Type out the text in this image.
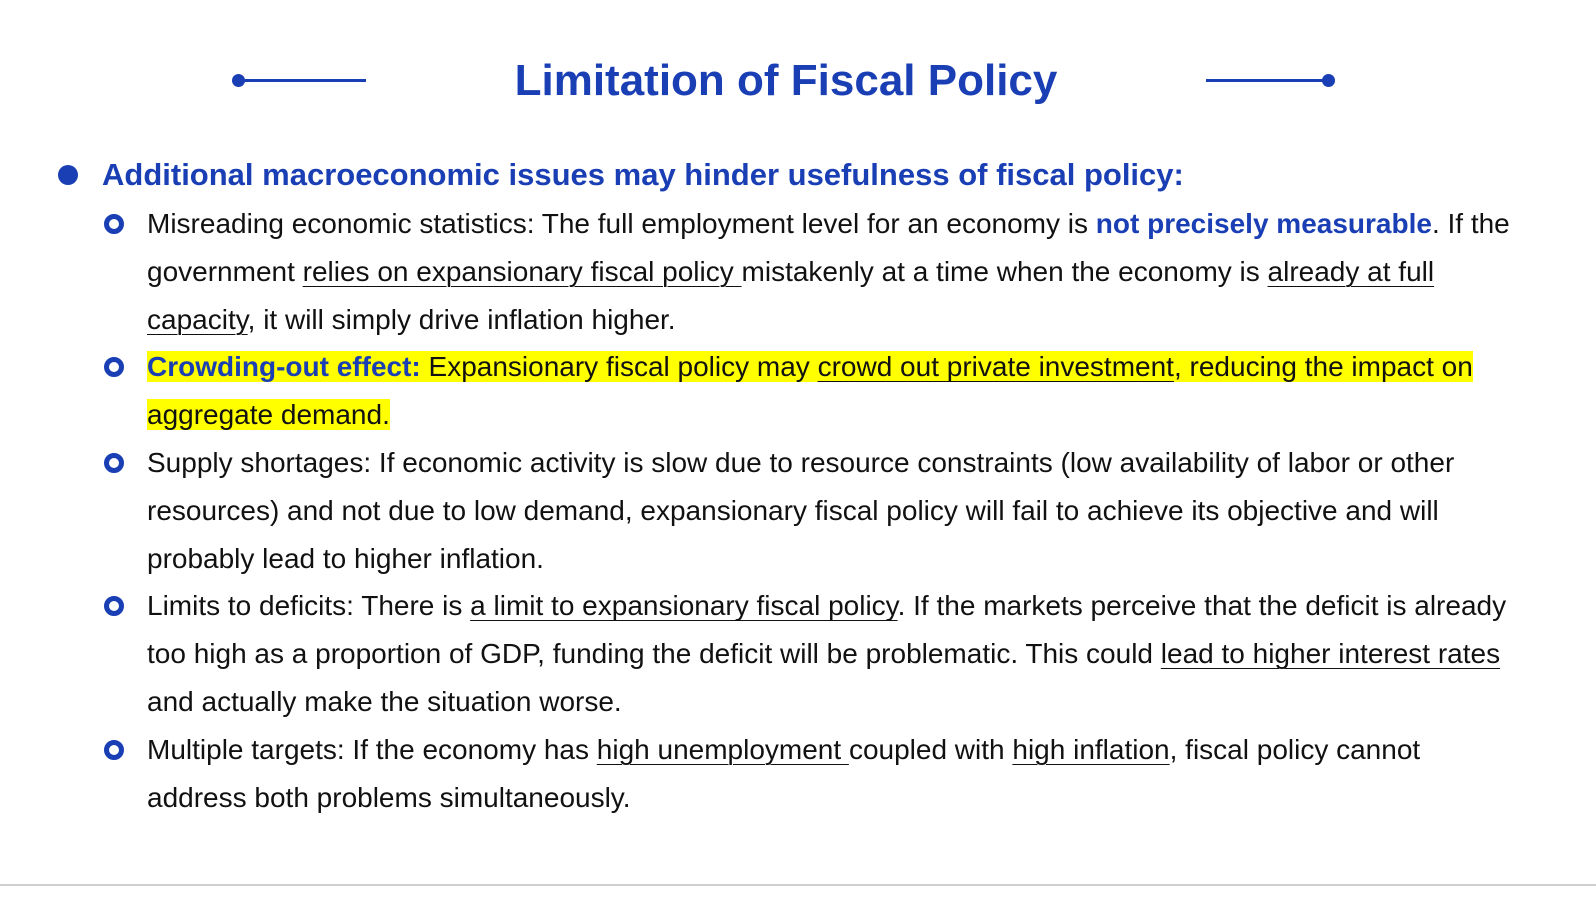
Limitation of Fiscal Policy
Additional macroeconomic issues may hinder usefulness of fiscal policy:
Misreading economic statistics: The full employment level for an economy is not precisely measurable. If the government relies on expansionary fiscal policy mistakenly at a time when the economy is already at full capacity, it will simply drive inflation higher.
Crowding-out effect: Expansionary fiscal policy may crowd out private investment, reducing the impact on aggregate demand.
Supply shortages: If economic activity is slow due to resource constraints (low availability of labor or other resources) and not due to low demand, expansionary fiscal policy will fail to achieve its objective and will probably lead to higher inflation.
Limits to deficits: There is a limit to expansionary fiscal policy. If the markets perceive that the deficit is already too high as a proportion of GDP, funding the deficit will be problematic. This could lead to higher interest rates and actually make the situation worse.
Multiple targets: If the economy has high unemployment coupled with high inflation, fiscal policy cannot address both problems simultaneously.
